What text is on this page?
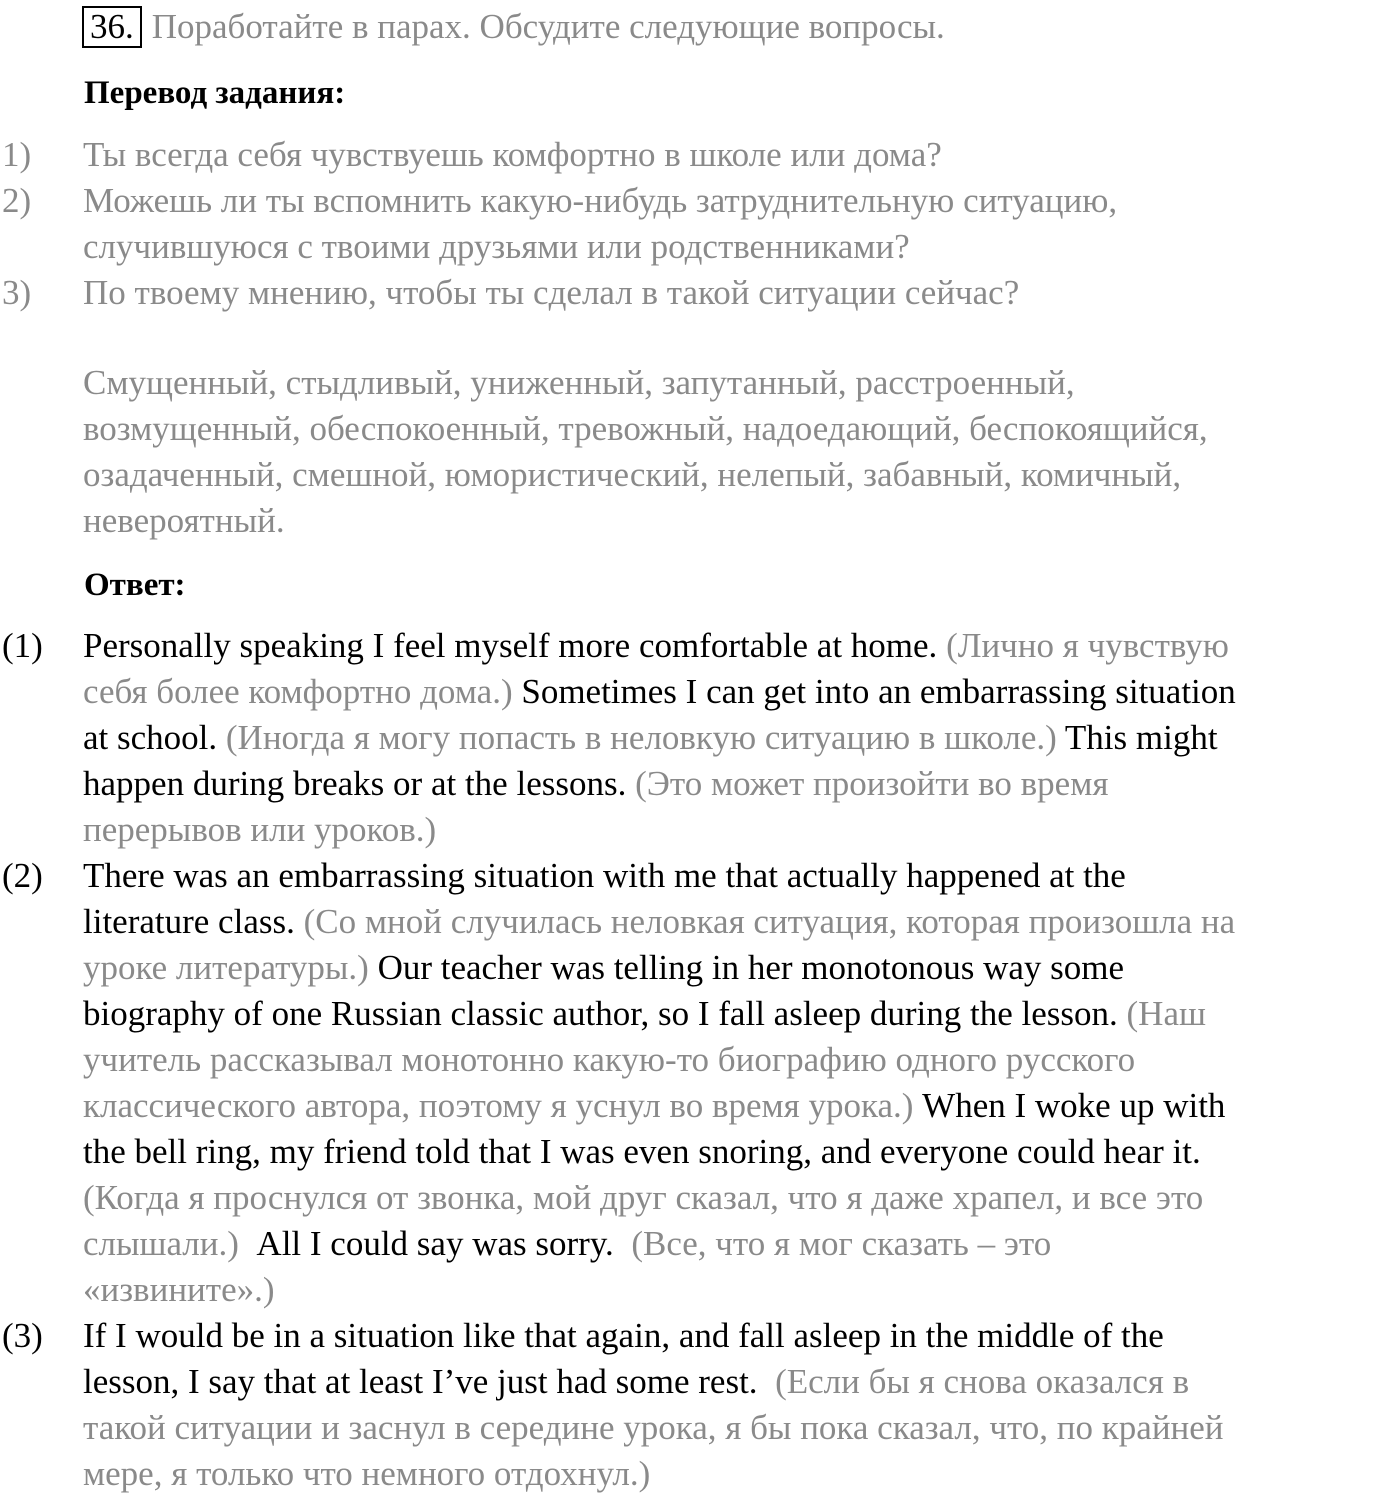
36. Поработайте в парах. Обсудите следующие вопросы.
Перевод задания:
1) Ты всегда себя чувствуешь комфортно в школе или дома?
2) Можешь ли ты вспомнить какую-нибудь затруднительную ситуацию,
случившуюся с твоими друзьями или родственниками?
3) По твоему мнению, чтобы ты сделал в такой ситуации сейчас?
Смущенный, стыдливый, униженный, запутанный, расстроенный,
возмущенный, обеспокоенный, тревожный, надоедающий, беспокоящийся,
озадаченный, смешной, юмористический, нелепый, забавный, комичный,
невероятный.
Ответ:
(1) Personally speaking I feel myself more comfortable at home. (Лично я чувствую
себя более комфортно дома.) Sometimes I can get into an embarrassing situation
at school. (Иногда я могу попасть в неловкую ситуацию в школе.) This might
happen during breaks or at the lessons. (Это может произойти во время
перерывов или уроков.)
(2) There was an embarrassing situation with me that actually happened at the
literature class. (Со мной случилась неловкая ситуация, которая произошла на
уроке литературы.) Our teacher was telling in her monotonous way some
biography of one Russian classic author, so I fall asleep during the lesson. (Наш
учитель рассказывал монотонно какую-то биографию одного русского
классического автора, поэтому я уснул во время урока.) When I woke up with
the bell ring, my friend told that I was even snoring, and everyone could hear it.
(Когда я проснулся от звонка, мой друг сказал, что я даже храпел, и все это
слышали.)  All I could say was sorry.  (Все, что я мог сказать – это
«извините».)
(3) If I would be in a situation like that again, and fall asleep in the middle of the
lesson, I say that at least I’ve just had some rest.  (Если бы я снова оказался в
такой ситуации и заснул в середине урока, я бы пока сказал, что, по крайней
мере, я только что немного отдохнул.)
